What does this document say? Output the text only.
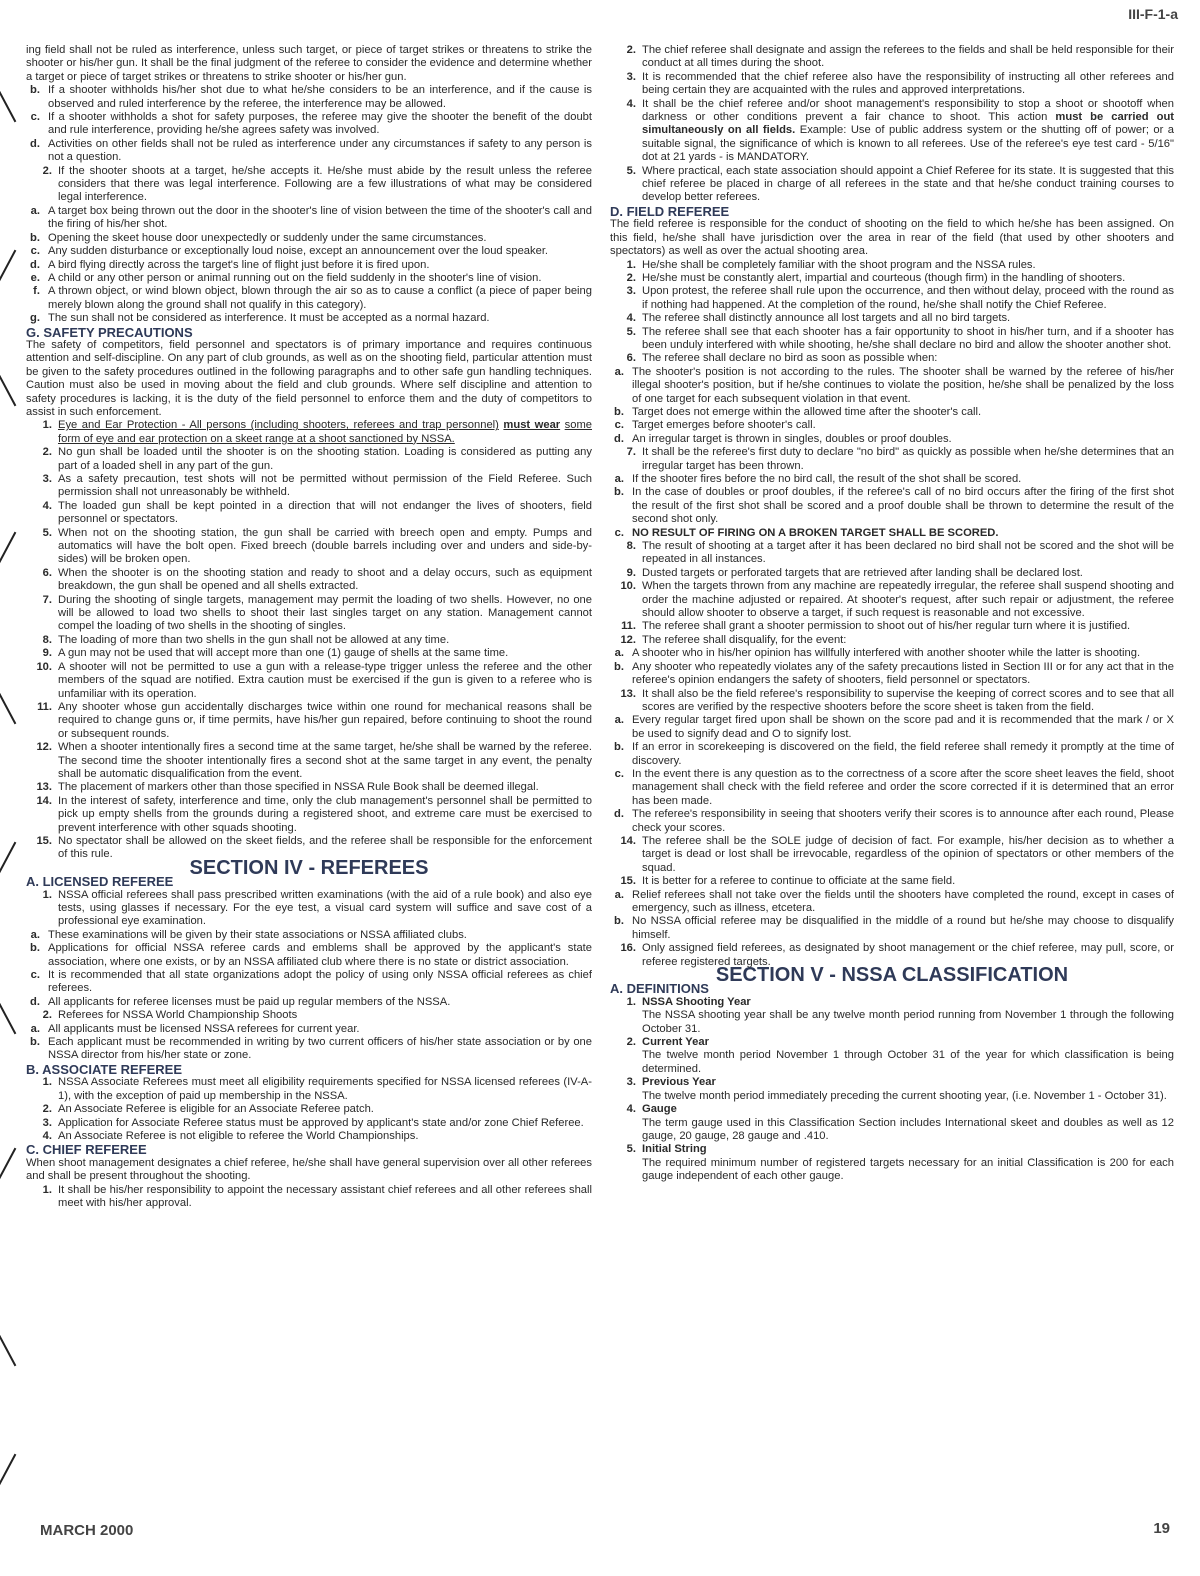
III-F-1-a
ing field shall not be ruled as interference, unless such target, or piece of target strikes or threatens to strike the shooter or his/her gun. It shall be the final judgment of the referee to consider the evidence and determine whether a target or piece of target strikes or threatens to strike shooter or his/her gun.
b. If a shooter withholds his/her shot due to what he/she considers to be an interference, and if the cause is observed and ruled interference by the referee, the interference may be allowed.
c. If a shooter withholds a shot for safety purposes, the referee may give the shooter the benefit of the doubt and rule interference, providing he/she agrees safety was involved.
d. Activities on other fields shall not be ruled as interference under any circumstances if safety to any person is not a question.
2. If the shooter shoots at a target, he/she accepts it. He/she must abide by the result unless the referee considers that there was legal interference. Following are a few illustrations of what may be considered legal interference.
a. A target box being thrown out the door in the shooter's line of vision between the time of the shooter's call and the firing of his/her shot.
b. Opening the skeet house door unexpectedly or suddenly under the same circumstances.
c. Any sudden disturbance or exceptionally loud noise, except an announcement over the loud speaker.
d. A bird flying directly across the target's line of flight just before it is fired upon.
e. A child or any other person or animal running out on the field suddenly in the shooter's line of vision.
f. A thrown object, or wind blown object, blown through the air so as to cause a conflict (a piece of paper being merely blown along the ground shall not qualify in this category).
g. The sun shall not be considered as interference. It must be accepted as a normal hazard.
G. SAFETY PRECAUTIONS
The safety of competitors, field personnel and spectators is of primary importance and requires continuous attention and self-discipline. On any part of club grounds, as well as on the shooting field, particular attention must be given to the safety procedures outlined in the following paragraphs and to other safe gun handling techniques. Caution must also be used in moving about the field and club grounds. Where self discipline and attention to safety procedures is lacking, it is the duty of the field personnel to enforce them and the duty of competitors to assist in such enforcement.
1. Eye and Ear Protection - All persons (including shooters, referees and trap personnel) must wear some form of eye and ear protection on a skeet range at a shoot sanctioned by NSSA.
2. No gun shall be loaded until the shooter is on the shooting station. Loading is considered as putting any part of a loaded shell in any part of the gun.
3. As a safety precaution, test shots will not be permitted without permission of the Field Referee. Such permission shall not unreasonably be withheld.
4. The loaded gun shall be kept pointed in a direction that will not endanger the lives of shooters, field personnel or spectators.
5. When not on the shooting station, the gun shall be carried with breech open and empty. Pumps and automatics will have the bolt open. Fixed breech (double barrels including over and unders and side-by-sides) will be broken open.
6. When the shooter is on the shooting station and ready to shoot and a delay occurs, such as equipment breakdown, the gun shall be opened and all shells extracted.
7. During the shooting of single targets, management may permit the loading of two shells. However, no one will be allowed to load two shells to shoot their last singles target on any station. Management cannot compel the loading of two shells in the shooting of singles.
8. The loading of more than two shells in the gun shall not be allowed at any time.
9. A gun may not be used that will accept more than one (1) gauge of shells at the same time.
10. A shooter will not be permitted to use a gun with a release-type trigger unless the referee and the other members of the squad are notified. Extra caution must be exercised if the gun is given to a referee who is unfamiliar with its operation.
11. Any shooter whose gun accidentally discharges twice within one round for mechanical reasons shall be required to change guns or, if time permits, have his/her gun repaired, before continuing to shoot the round or subsequent rounds.
12. When a shooter intentionally fires a second time at the same target, he/she shall be warned by the referee. The second time the shooter intentionally fires a second shot at the same target in any event, the penalty shall be automatic disqualification from the event.
13. The placement of markers other than those specified in NSSA Rule Book shall be deemed illegal.
14. In the interest of safety, interference and time, only the club management's personnel shall be permitted to pick up empty shells from the grounds during a registered shoot, and extreme care must be exercised to prevent interference with other squads shooting.
15. No spectator shall be allowed on the skeet fields, and the referee shall be responsible for the enforcement of this rule.
SECTION IV - REFEREES
A. LICENSED REFEREE
1. NSSA official referees shall pass prescribed written examinations (with the aid of a rule book) and also eye tests, using glasses if necessary. For the eye test, a visual card system will suffice and save cost of a professional eye examination.
a. These examinations will be given by their state associations or NSSA affiliated clubs.
b. Applications for official NSSA referee cards and emblems shall be approved by the applicant's state association, where one exists, or by an NSSA affiliated club where there is no state or district association.
c. It is recommended that all state organizations adopt the policy of using only NSSA official referees as chief referees.
d. All applicants for referee licenses must be paid up regular members of the NSSA.
2. Referees for NSSA World Championship Shoots
a. All applicants must be licensed NSSA referees for current year.
b. Each applicant must be recommended in writing by two current officers of his/her state association or by one NSSA director from his/her state or zone.
B. ASSOCIATE REFEREE
1. NSSA Associate Referees must meet all eligibility requirements specified for NSSA licensed referees (IV-A-1), with the exception of paid up membership in the NSSA.
2. An Associate Referee is eligible for an Associate Referee patch.
3. Application for Associate Referee status must be approved by applicant's state and/or zone Chief Referee.
4. An Associate Referee is not eligible to referee the World Championships.
C. CHIEF REFEREE
When shoot management designates a chief referee, he/she shall have general supervision over all other referees and shall be present throughout the shooting.
1. It shall be his/her responsibility to appoint the necessary assistant chief referees and all other referees shall meet with his/her approval.
2. The chief referee shall designate and assign the referees to the fields and shall be held responsible for their conduct at all times during the shoot.
3. It is recommended that the chief referee also have the responsibility of instructing all other referees and being certain they are acquainted with the rules and approved interpretations.
4. It shall be the chief referee and/or shoot management's responsibility to stop a shoot or shootoff when darkness or other conditions prevent a fair chance to shoot. This action must be carried out simultaneously on all fields. Example: Use of public address system or the shutting off of power; or a suitable signal, the significance of which is known to all referees. Use of the referee's eye test card - 5/16" dot at 21 yards - is MANDATORY.
5. Where practical, each state association should appoint a Chief Referee for its state. It is suggested that this chief referee be placed in charge of all referees in the state and that he/she conduct training courses to develop better referees.
D. FIELD REFEREE
The field referee is responsible for the conduct of shooting on the field to which he/she has been assigned. On this field, he/she shall have jurisdiction over the area in rear of the field (that used by other shooters and spectators) as well as over the actual shooting area.
1. He/she shall be completely familiar with the shoot program and the NSSA rules.
2. He/she must be constantly alert, impartial and courteous (though firm) in the handling of shooters.
3. Upon protest, the referee shall rule upon the occurrence, and then without delay, proceed with the round as if nothing had happened. At the completion of the round, he/she shall notify the Chief Referee.
4. The referee shall distinctly announce all lost targets and all no bird targets.
5. The referee shall see that each shooter has a fair opportunity to shoot in his/her turn, and if a shooter has been unduly interfered with while shooting, he/she shall declare no bird and allow the shooter another shot.
6. The referee shall declare no bird as soon as possible when:
a. The shooter's position is not according to the rules. The shooter shall be warned by the referee of his/her illegal shooter's position, but if he/she continues to violate the position, he/she shall be penalized by the loss of one target for each subsequent violation in that event.
b. Target does not emerge within the allowed time after the shooter's call.
c. Target emerges before shooter's call.
d. An irregular target is thrown in singles, doubles or proof doubles.
7. It shall be the referee's first duty to declare "no bird" as quickly as possible when he/she determines that an irregular target has been thrown.
a. If the shooter fires before the no bird call, the result of the shot shall be scored.
b. In the case of doubles or proof doubles, if the referee's call of no bird occurs after the firing of the first shot the result of the first shot shall be scored and a proof double shall be thrown to determine the result of the second shot only.
c. NO RESULT OF FIRING ON A BROKEN TARGET SHALL BE SCORED.
8. The result of shooting at a target after it has been declared no bird shall not be scored and the shot will be repeated in all instances.
9. Dusted targets or perforated targets that are retrieved after landing shall be declared lost.
10. When the targets thrown from any machine are repeatedly irregular, the referee shall suspend shooting and order the machine adjusted or repaired. At shooter's request, after such repair or adjustment, the referee should allow shooter to observe a target, if such request is reasonable and not excessive.
11. The referee shall grant a shooter permission to shoot out of his/her regular turn where it is justified.
12. The referee shall disqualify, for the event:
a. A shooter who in his/her opinion has willfully interfered with another shooter while the latter is shooting.
b. Any shooter who repeatedly violates any of the safety precautions listed in Section III or for any act that in the referee's opinion endangers the safety of shooters, field personnel or spectators.
13. It shall also be the field referee's responsibility to supervise the keeping of correct scores and to see that all scores are verified by the respective shooters before the score sheet is taken from the field.
a. Every regular target fired upon shall be shown on the score pad and it is recommended that the mark / or X be used to signify dead and O to signify lost.
b. If an error in scorekeeping is discovered on the field, the field referee shall remedy it promptly at the time of discovery.
c. In the event there is any question as to the correctness of a score after the score sheet leaves the field, shoot management shall check with the field referee and order the score corrected if it is determined that an error has been made.
d. The referee's responsibility in seeing that shooters verify their scores is to announce after each round, Please check your scores.
14. The referee shall be the SOLE judge of decision of fact. For example, his/her decision as to whether a target is dead or lost shall be irrevocable, regardless of the opinion of spectators or other members of the squad.
15. It is better for a referee to continue to officiate at the same field.
a. Relief referees shall not take over the fields until the shooters have completed the round, except in cases of emergency, such as illness, etcetera.
b. No NSSA official referee may be disqualified in the middle of a round but he/she may choose to disqualify himself.
16. Only assigned field referees, as designated by shoot management or the chief referee, may pull, score, or referee registered targets.
SECTION V - NSSA CLASSIFICATION
A. DEFINITIONS
1. NSSA Shooting Year
The NSSA shooting year shall be any twelve month period running from November 1 through the following October 31.
2. Current Year
The twelve month period November 1 through October 31 of the year for which classification is being determined.
3. Previous Year
The twelve month period immediately preceding the current shooting year, (i.e. November 1 - October 31).
4. Gauge
The term gauge used in this Classification Section includes International skeet and doubles as well as 12 gauge, 20 gauge, 28 gauge and .410.
5. Initial String
The required minimum number of registered targets necessary for an initial Classification is 200 for each gauge independent of each other gauge.
MARCH 2000	19
